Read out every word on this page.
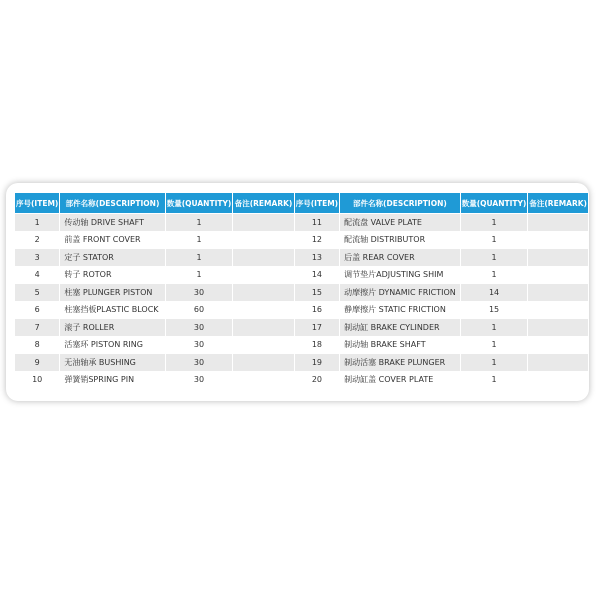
序号(ITEM)	部件名称(DESCRIPTION)	数量(QUANTITY)	备注(REMARK)	序号(ITEM)	部件名称(DESCRIPTION)	数量(QUANTITY)	备注(REMARK)
1	传动轴 DRIVE SHAFT	1		11	配流盘 VALVE PLATE	1	
2	前盖 FRONT COVER	1		12	配流轴 DISTRIBUTOR	1	
3	定子 STATOR	1		13	后盖 REAR COVER	1	
4	转子 ROTOR	1		14	调节垫片ADJUSTING SHIM	1	
5	柱塞 PLUNGER PISTON	30		15	动摩擦片 DYNAMIC FRICTION	14	
6	柱塞挡板PLASTIC BLOCK	60		16	静摩擦片 STATIC FRICTION	15	
7	滚子 ROLLER	30		17	制动缸 BRAKE CYLINDER	1	
8	活塞环 PISTON RING	30		18	制动轴 BRAKE SHAFT	1	
9	无油轴承 BUSHING	30		19	制动活塞 BRAKE PLUNGER	1	
10	弹簧销SPRING PIN	30		20	制动缸盖 COVER PLATE	1	
